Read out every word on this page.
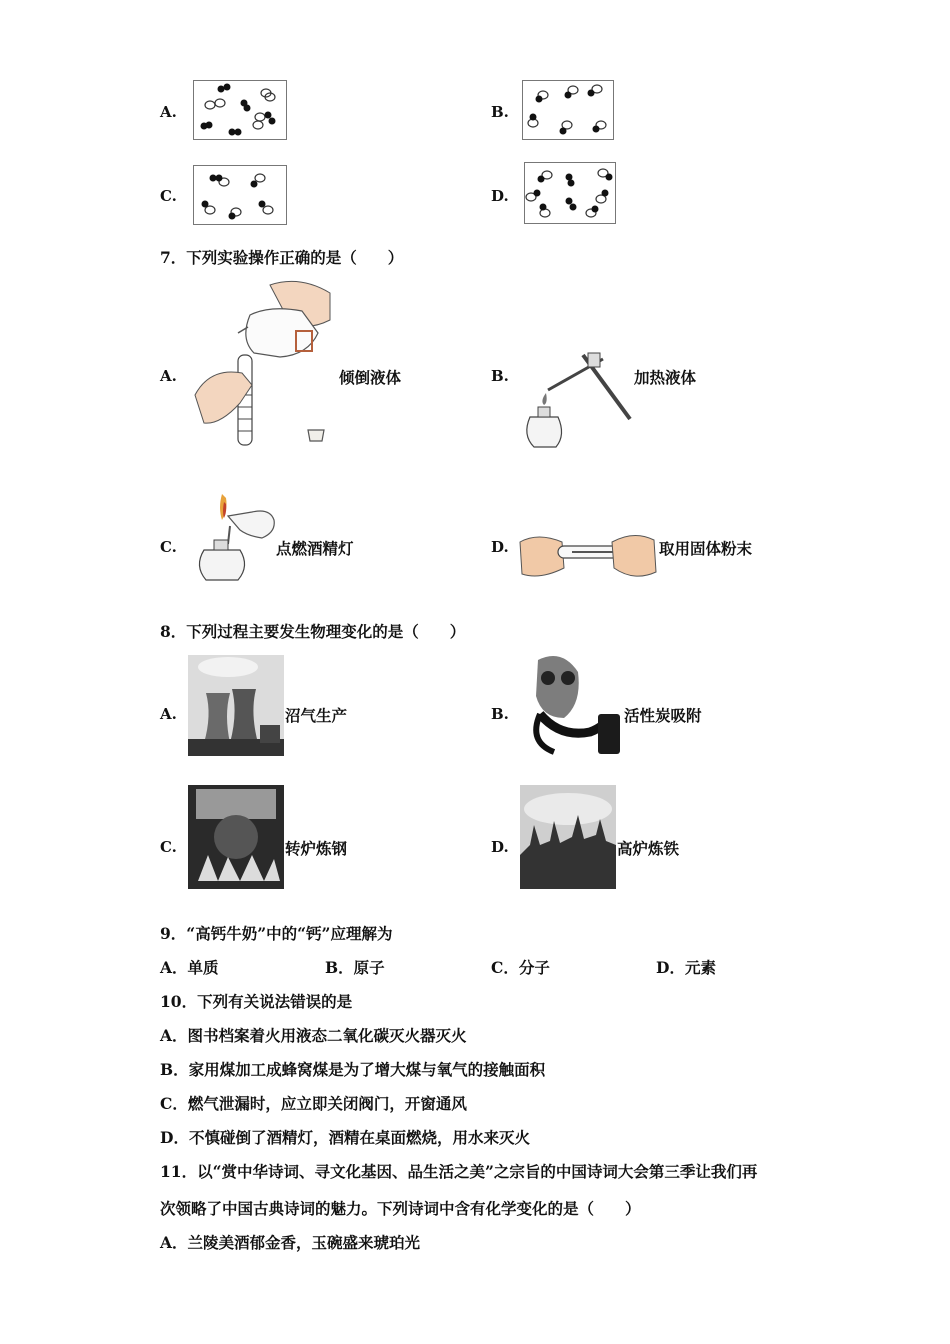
A.	B.
C.	D.
7．下列实验操作正确的是（　　）
A.	倾倒液体	B.	加热液体
C.	点燃酒精灯	D.	取用固体粉末
8．下列过程主要发生物理变化的是（　　）
A.	沼气生产	B.	活性炭吸附
C.	转炉炼钢	D.	高炉炼铁
9．“高钙牛奶”中的“钙”应理解为
A．单质	B．原子	C．分子	D．元素
10．下列有关说法错误的是
A．图书档案着火用液态二氧化碳灭火器灭火
B．家用煤加工成蜂窝煤是为了增大煤与氧气的接触面积
C．燃气泄漏时，应立即关闭阀门，开窗通风
D．不慎碰倒了酒精灯，酒精在桌面燃烧，用水来灭火
11．以“赏中华诗词、寻文化基因、品生活之美”之宗旨的中国诗词大会第三季让我们再
次领略了中国古典诗词的魅力。下列诗词中含有化学变化的是（　　）
A．兰陵美酒郁金香，玉碗盛来琥珀光
